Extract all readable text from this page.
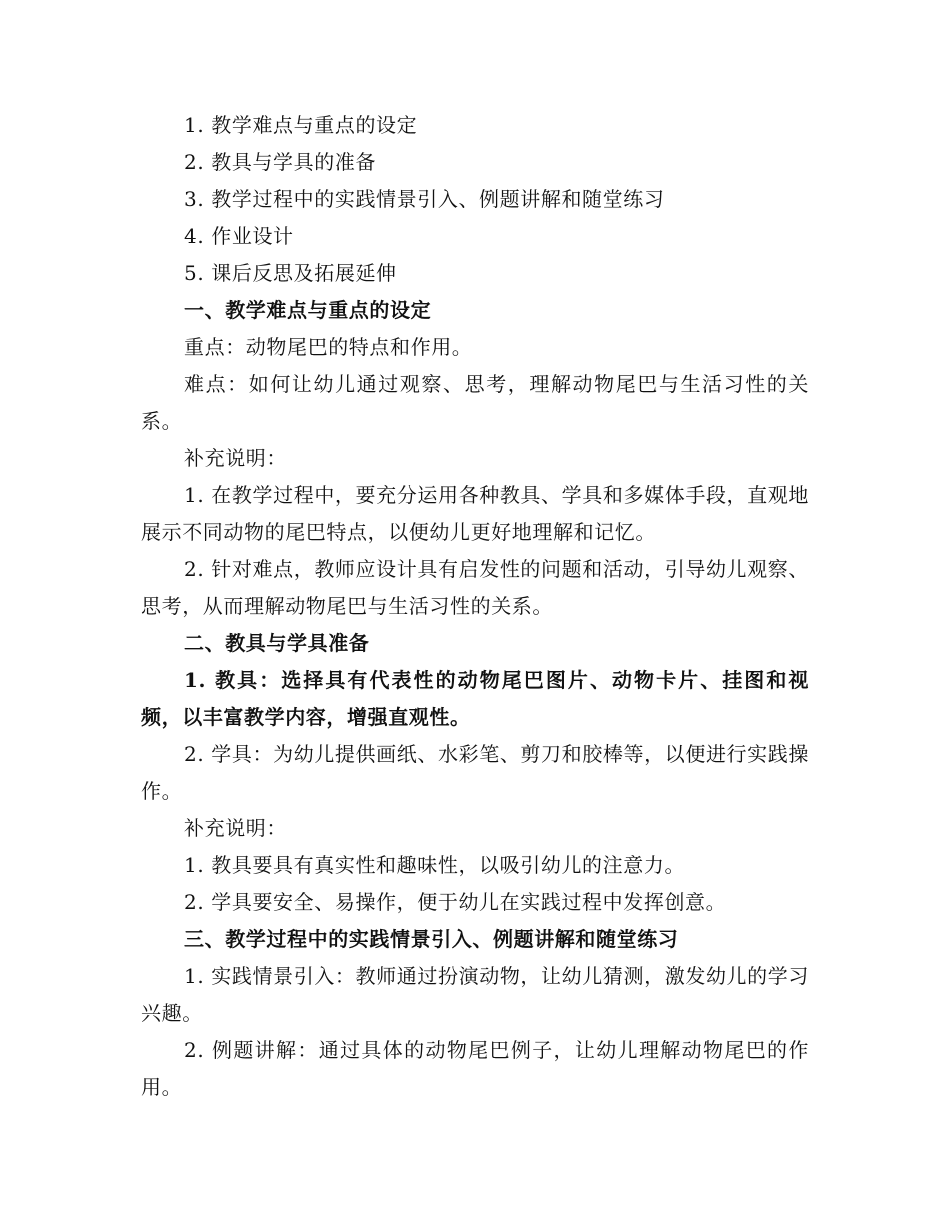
1. 教学难点与重点的设定
2. 教具与学具的准备
3. 教学过程中的实践情景引入、例题讲解和随堂练习
4. 作业设计
5. 课后反思及拓展延伸
一、教学难点与重点的设定
重点：动物尾巴的特点和作用。
难点：如何让幼儿通过观察、思考，理解动物尾巴与生活习性的关系。
补充说明：
1. 在教学过程中，要充分运用各种教具、学具和多媒体手段，直观地展示不同动物的尾巴特点，以便幼儿更好地理解和记忆。
2. 针对难点，教师应设计具有启发性的问题和活动，引导幼儿观察、思考，从而理解动物尾巴与生活习性的关系。
二、教具与学具准备
1. 教具：选择具有代表性的动物尾巴图片、动物卡片、挂图和视频，以丰富教学内容，增强直观性。
2. 学具：为幼儿提供画纸、水彩笔、剪刀和胶棒等，以便进行实践操作。
补充说明：
1. 教具要具有真实性和趣味性，以吸引幼儿的注意力。
2. 学具要安全、易操作，便于幼儿在实践过程中发挥创意。
三、教学过程中的实践情景引入、例题讲解和随堂练习
1. 实践情景引入：教师通过扮演动物，让幼儿猜测，激发幼儿的学习兴趣。
2. 例题讲解：通过具体的动物尾巴例子，让幼儿理解动物尾巴的作用。
